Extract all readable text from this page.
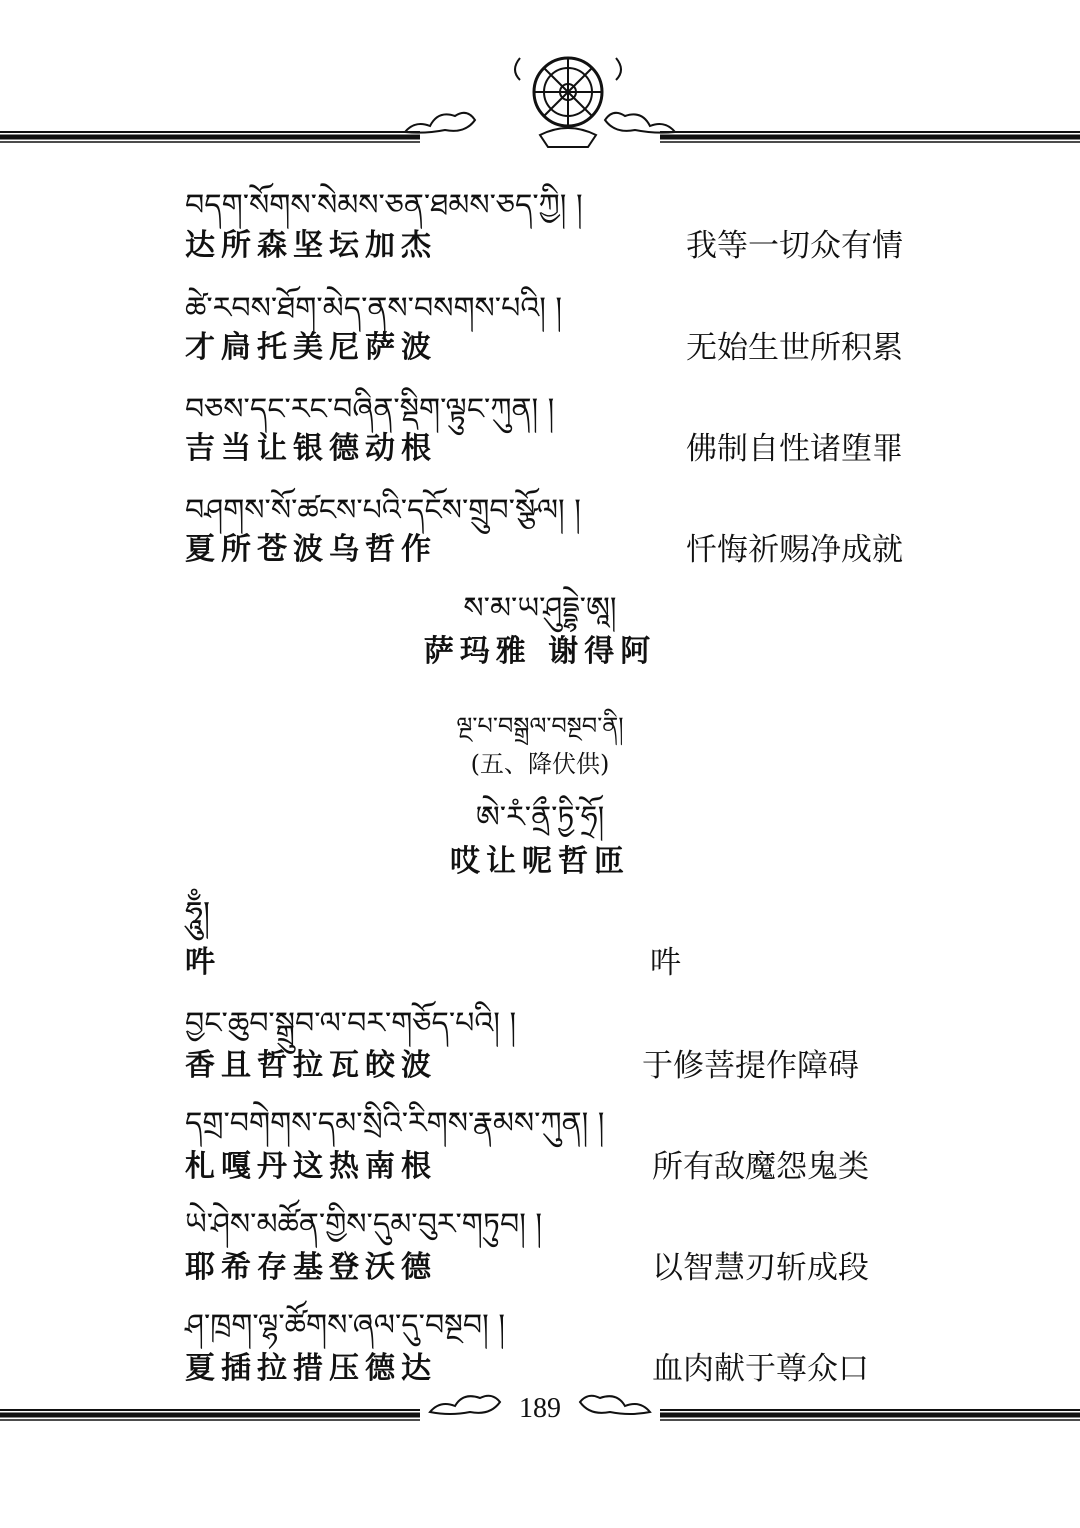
བདག་སོགས་སེམས་ཅན་ཐམས་ཅད་ཀྱི། །
达所森坚坛加杰	我等一切众有情
ཚེ་རབས་ཐོག་མེད་ནས་བསགས་པའི། །
才扃托美尼萨波	无始生世所积累
བཅས་དང་རང་བཞིན་སྡིག་ལྟུང་ཀུན། །
吉当让银德动根	佛制自性诸堕罪
བཤགས་སོ་ཚངས་པའི་དངོས་གྲུབ་སྩོལ། །
夏所苍波乌哲作	忏悔祈赐净成就
ས་མ་ཡ་ཤུདྡྷེ་ཨཱ།
萨玛雅 谢得阿
ལྔ་པ་བསྒྲལ་བསྔབ་ནི།
(五、降伏供)
ཨེ་རཾ་ནྲྀ་ཏྱི་ཧྲོ།
哎让呢哲匝
ཧཱུྃ།
吽	吽
བྱང་ཆུབ་སྒྲུབ་ལ་བར་གཅོད་པའི། །
香且哲拉瓦皎波	于修菩提作障碍
དགྲ་བགེགས་དམ་སྲིའི་རིགས་རྣམས་ཀུན། །
札嘎丹这热南根	所有敌魔怨鬼类
ཡེ་ཤེས་མཚོན་གྱིས་དུམ་བུར་གཏུབ། །
耶希存基登沃德	以智慧刃斩成段
ཤ་ཁྲག་ལྷ་ཚོགས་ཞལ་དུ་བསྔབ། །
夏插拉措压德达	血肉献于尊众口
189
